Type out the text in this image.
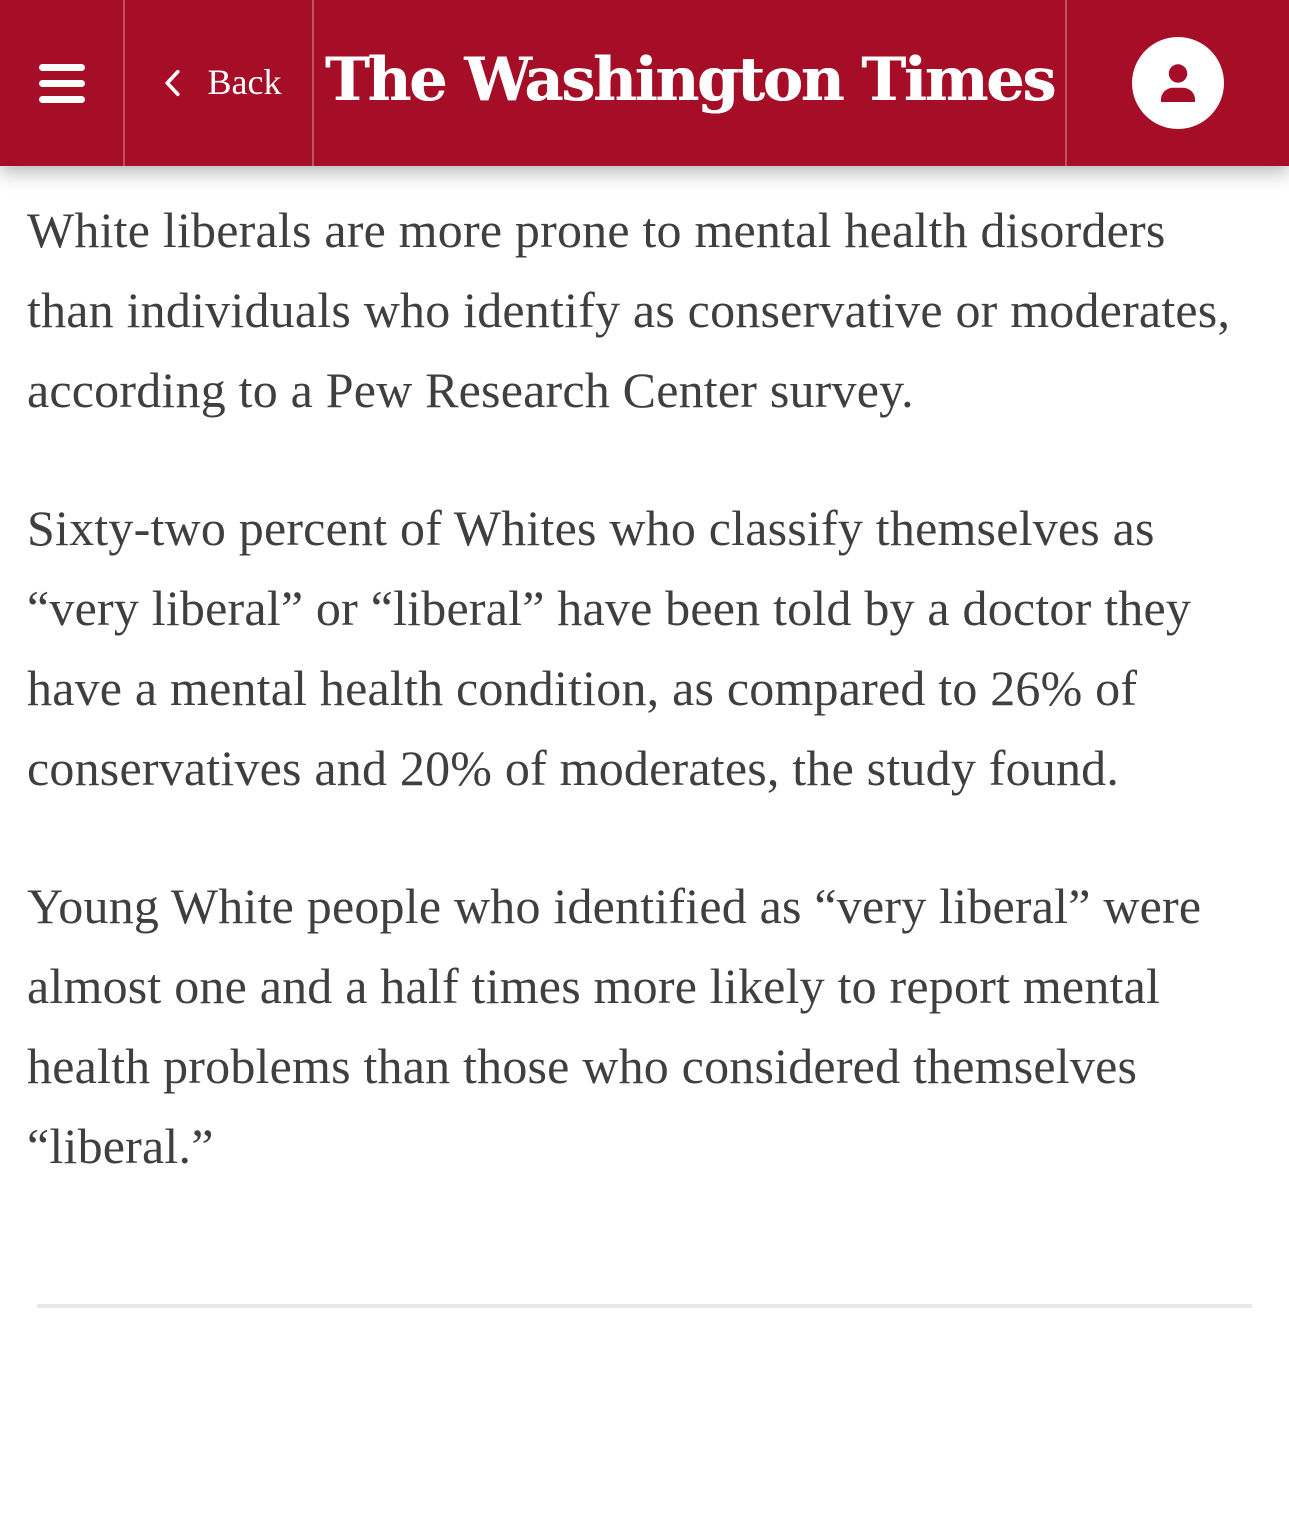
Back The Washington Times

White liberals are more prone to mental health disorders than individuals who identify as conservative or moderates, according to a Pew Research Center survey.

Sixty-two percent of Whites who classify themselves as “very liberal” or “liberal” have been told by a doctor they have a mental health condition, as compared to 26% of conservatives and 20% of moderates, the study found.

Young White people who identified as “very liberal” were almost one and a half times more likely to report mental health problems than those who considered themselves “liberal.”
